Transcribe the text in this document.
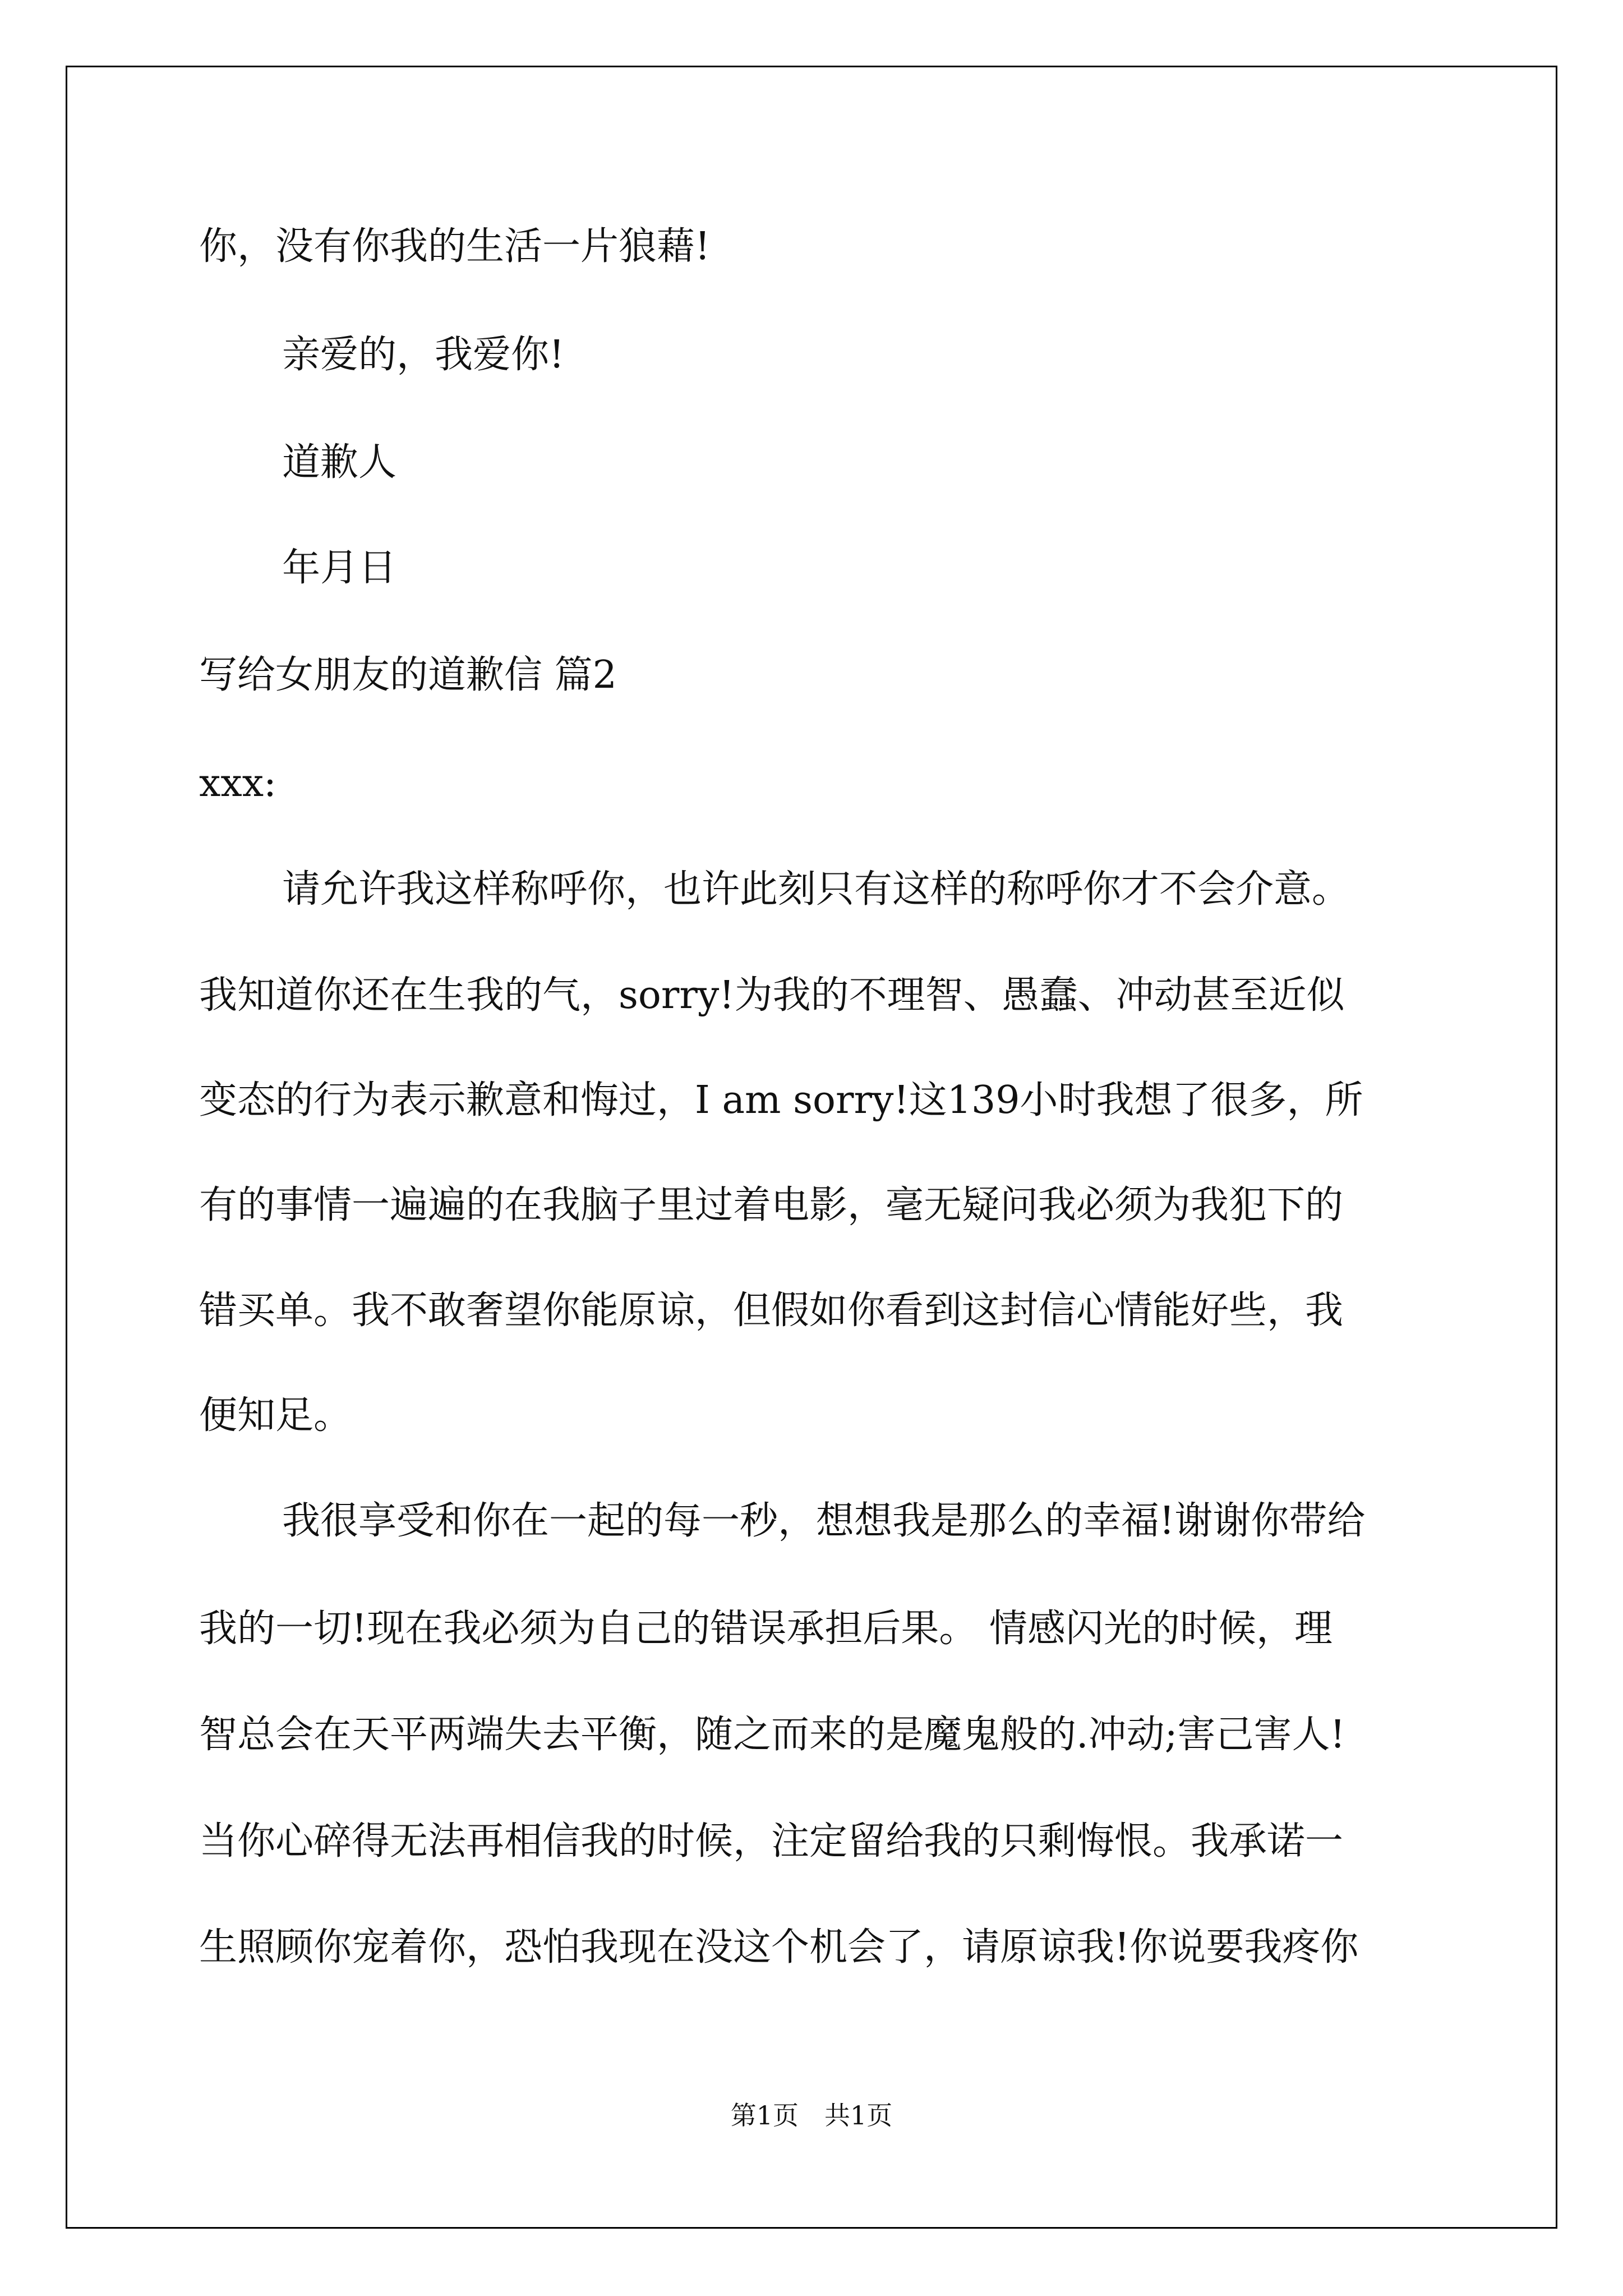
你，没有你我的生活一片狼藉!
亲爱的，我爱你!
道歉人
年月日
写给女朋友的道歉信 篇2
xxx:
请允许我这样称呼你，也许此刻只有这样的称呼你才不会介意。
我知道你还在生我的气，sorry!为我的不理智、愚蠢、冲动甚至近似
变态的行为表示歉意和悔过，I am sorry!这139小时我想了很多，所
有的事情一遍遍的在我脑子里过着电影，毫无疑问我必须为我犯下的
错买单。我不敢奢望你能原谅，但假如你看到这封信心情能好些，我
便知足。
我很享受和你在一起的每一秒，想想我是那么的幸福!谢谢你带给
我的一切!现在我必须为自己的错误承担后果。 情感闪光的时候，理
智总会在天平两端失去平衡，随之而来的是魔鬼般的.冲动;害己害人!
当你心碎得无法再相信我的时候，注定留给我的只剩悔恨。我承诺一
生照顾你宠着你，恐怕我现在没这个机会了，请原谅我!你说要我疼你
第1页　共1页
